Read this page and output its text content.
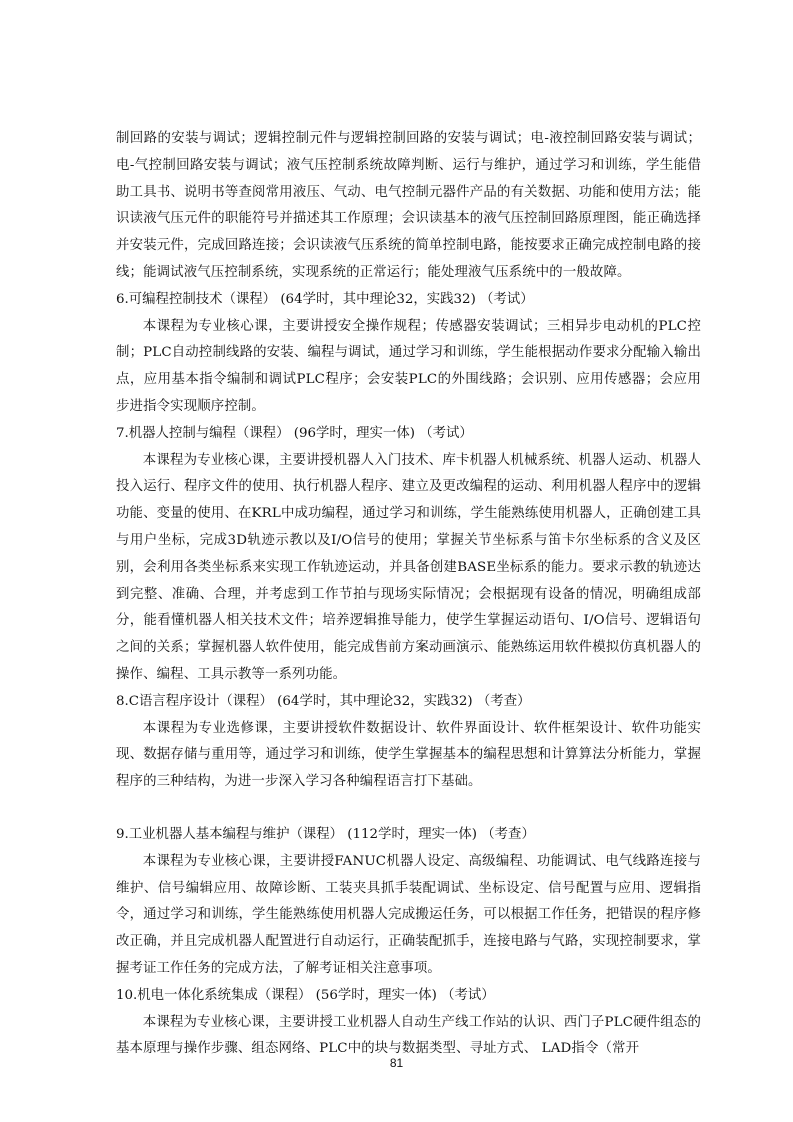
制回路的安装与调试；逻辑控制元件与逻辑控制回路的安装与调试；电-液控制回路安装与调试；电-气控制回路安装与调试；液气压控制系统故障判断、运行与维护，通过学习和训练，学生能借助工具书、说明书等查阅常用液压、气动、电气控制元器件产品的有关数据、功能和使用方法；能识读液气压元件的职能符号并描述其工作原理；会识读基本的液气压控制回路原理图，能正确选择并安装元件，完成回路连接；会识读液气压系统的简单控制电路，能按要求正确完成控制电路的接线；能调试液气压控制系统，实现系统的正常运行；能处理液气压系统中的一般故障。

6.可编程控制技术（课程） (64学时，其中理论32，实践32) （考试）

本课程为专业核心课，主要讲授安全操作规程；传感器安装调试；三相异步电动机的PLC控制；PLC自动控制线路的安装、编程与调试，通过学习和训练，学生能根据动作要求分配输入输出点，应用基本指令编制和调试PLC程序；会安装PLC的外围线路；会识别、应用传感器；会应用步进指令实现顺序控制。

7.机器人控制与编程（课程） (96学时，理实一体) （考试）

本课程为专业核心课，主要讲授机器人入门技术、库卡机器人机械系统、机器人运动、机器人投入运行、程序文件的使用、执行机器人程序、建立及更改编程的运动、利用机器人程序中的逻辑功能、变量的使用、在KRL中成功编程，通过学习和训练，学生能熟练使用机器人，正确创建工具与用户坐标，完成3D轨迹示教以及I/O信号的使用；掌握关节坐标系与笛卡尔坐标系的含义及区别，会利用各类坐标系来实现工作轨迹运动，并具备创建BASE坐标系的能力。要求示教的轨迹达到完整、准确、合理，并考虑到工作节拍与现场实际情况；会根据现有设备的情况，明确组成部分，能看懂机器人相关技术文件；培养逻辑推导能力，使学生掌握运动语句、I/O信号、逻辑语句之间的关系；掌握机器人软件使用，能完成售前方案动画演示、能熟练运用软件模拟仿真机器人的操作、编程、工具示教等一系列功能。

8.C语言程序设计（课程） (64学时，其中理论32，实践32) （考查）

本课程为专业选修课，主要讲授软件数据设计、软件界面设计、软件框架设计、软件功能实现、数据存储与重用等，通过学习和训练，使学生掌握基本的编程思想和计算算法分析能力，掌握程序的三种结构，为进一步深入学习各种编程语言打下基础。

9.工业机器人基本编程与维护（课程） (112学时，理实一体) （考查）

本课程为专业核心课，主要讲授FANUC机器人设定、高级编程、功能调试、电气线路连接与维护、信号编辑应用、故障诊断、工装夹具抓手装配调试、坐标设定、信号配置与应用、逻辑指令，通过学习和训练，学生能熟练使用机器人完成搬运任务，可以根据工作任务，把错误的程序修改正确，并且完成机器人配置进行自动运行，正确装配抓手，连接电路与气路，实现控制要求，掌握考证工作任务的完成方法，了解考证相关注意事项。

10.机电一体化系统集成（课程） (56学时，理实一体) （考试）

本课程为专业核心课，主要讲授工业机器人自动生产线工作站的认识、西门子PLC硬件组态的基本原理与操作步骤、组态网络、PLC中的块与数据类型、寻址方式、 LAD指令（常开

81
